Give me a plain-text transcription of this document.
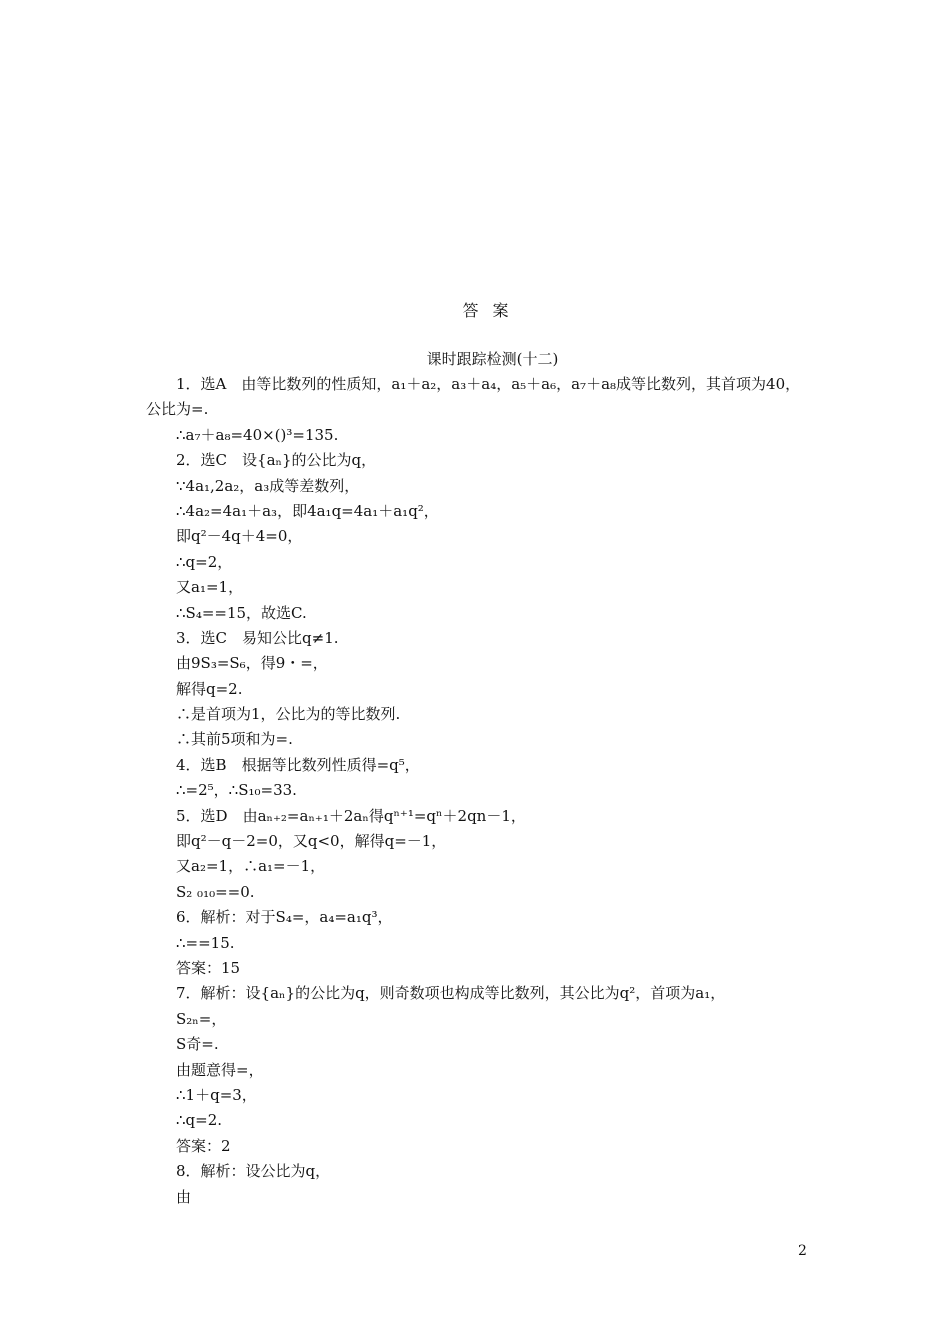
答案
课时跟踪检测(十二)
1．选A　由等比数列的性质知，a₁＋a₂，a₃＋a₄，a₅＋a₆，a₇＋a₈成等比数列，其首项为40，
公比为=.
∴a₇＋a₈=40×()³=135.
2．选C　设{aₙ}的公比为q，
∵4a₁,2a₂，a₃成等差数列，
∴4a₂=4a₁＋a₃，即4a₁q=4a₁＋a₁q²，
即q²－4q＋4=0，
∴q=2，
又a₁=1，
∴S₄==15，故选C.
3．选C　易知公比q≠1.
由9S₃=S₆，得9・=，
解得q=2.
∴是首项为1，公比为的等比数列.
∴其前5项和为=.
4．选B　根据等比数列性质得=q⁵，
∴=2⁵，∴S₁₀=33.
5．选D　由aₙ₊₂=aₙ₊₁＋2aₙ得qⁿ⁺¹=qⁿ＋2qn－1，
即q²－q－2=0，又q<0，解得q=－1，
又a₂=1，∴a₁=－1，
S₂ ₀₁₀==0.
6．解析：对于S₄=，a₄=a₁q³，
∴==15.
答案：15
7．解析：设{aₙ}的公比为q，则奇数项也构成等比数列，其公比为q²，首项为a₁，
S₂ₙ=，
S奇=.
由题意得=，
∴1＋q=3，
∴q=2.
答案：2
8．解析：设公比为q，
由
2
